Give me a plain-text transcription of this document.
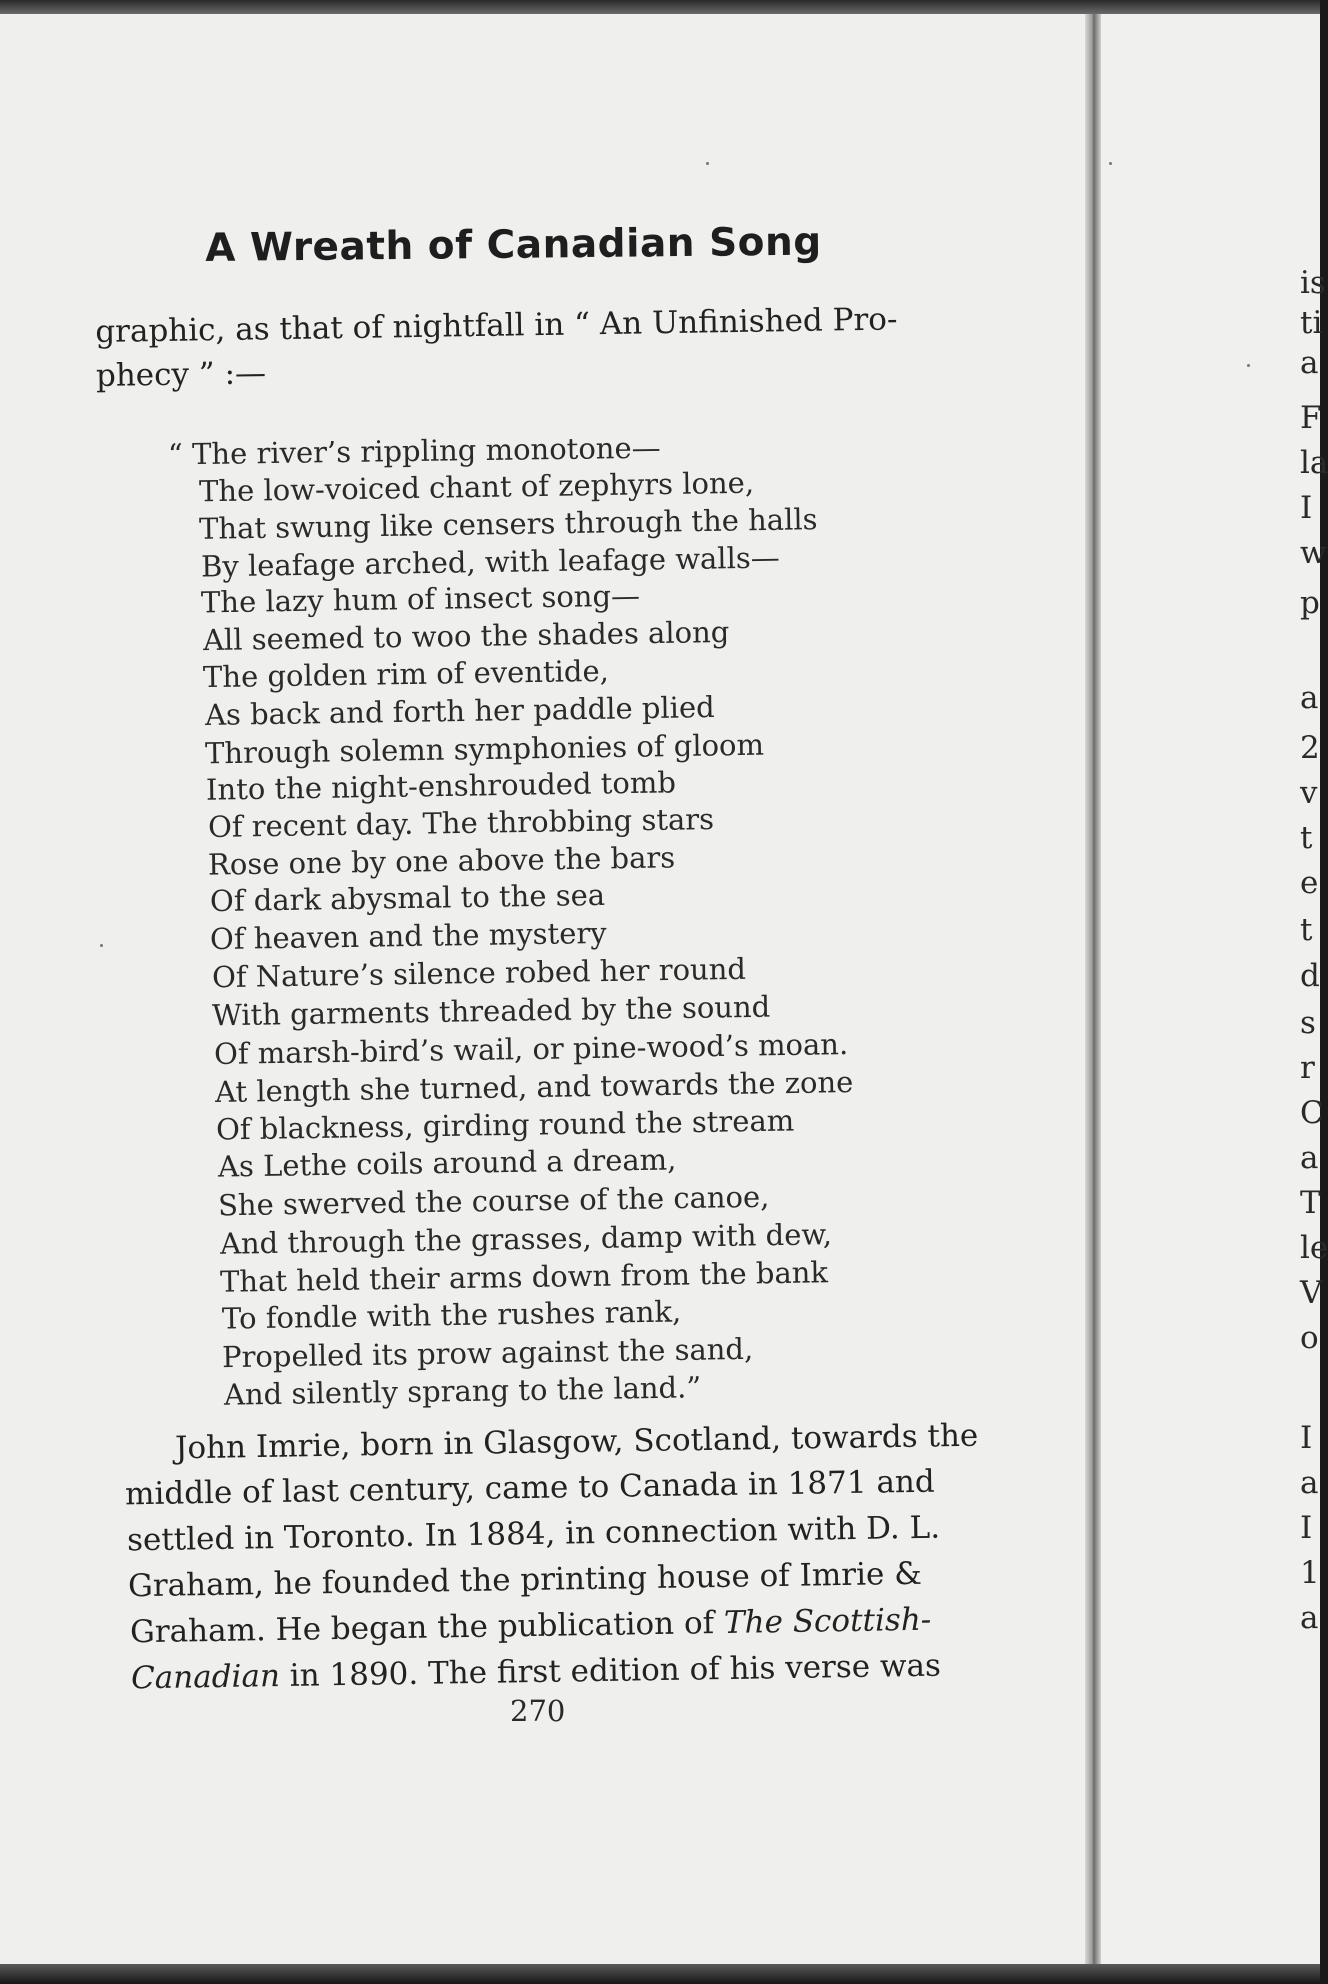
A Wreath of Canadian Song
graphic, as that of nightfall in “ An Unfinished Pro-
phecy ” :—
“ The river’s rippling monotone—
The low-voiced chant of zephyrs lone,
That swung like censers through the halls
By leafage arched, with leafage walls—
The lazy hum of insect song—
All seemed to woo the shades along
The golden rim of eventide,
As back and forth her paddle plied
Through solemn symphonies of gloom
Into the night-enshrouded tomb
Of recent day. The throbbing stars
Rose one by one above the bars
Of dark abysmal to the sea
Of heaven and the mystery
Of Nature’s silence robed her round
With garments threaded by the sound
Of marsh-bird’s wail, or pine-wood’s moan.
At length she turned, and towards the zone
Of blackness, girding round the stream
As Lethe coils around a dream,
She swerved the course of the canoe,
And through the grasses, damp with dew,
That held their arms down from the bank
To fondle with the rushes rank,
Propelled its prow against the sand,
And silently sprang to the land.”
John Imrie, born in Glasgow, Scotland, towards the
middle of last century, came to Canada in 1871 and
settled in Toronto. In 1884, in connection with D. L.
Graham, he founded the printing house of Imrie &
Graham. He began the publication of The Scottish-
Canadian in 1890. The first edition of his verse was
270
is
ti
a
F
la
I
w
p
a
2
v
t
e
t
d
s
r
C
a
T
le
V
o
I
a
I
1
a
